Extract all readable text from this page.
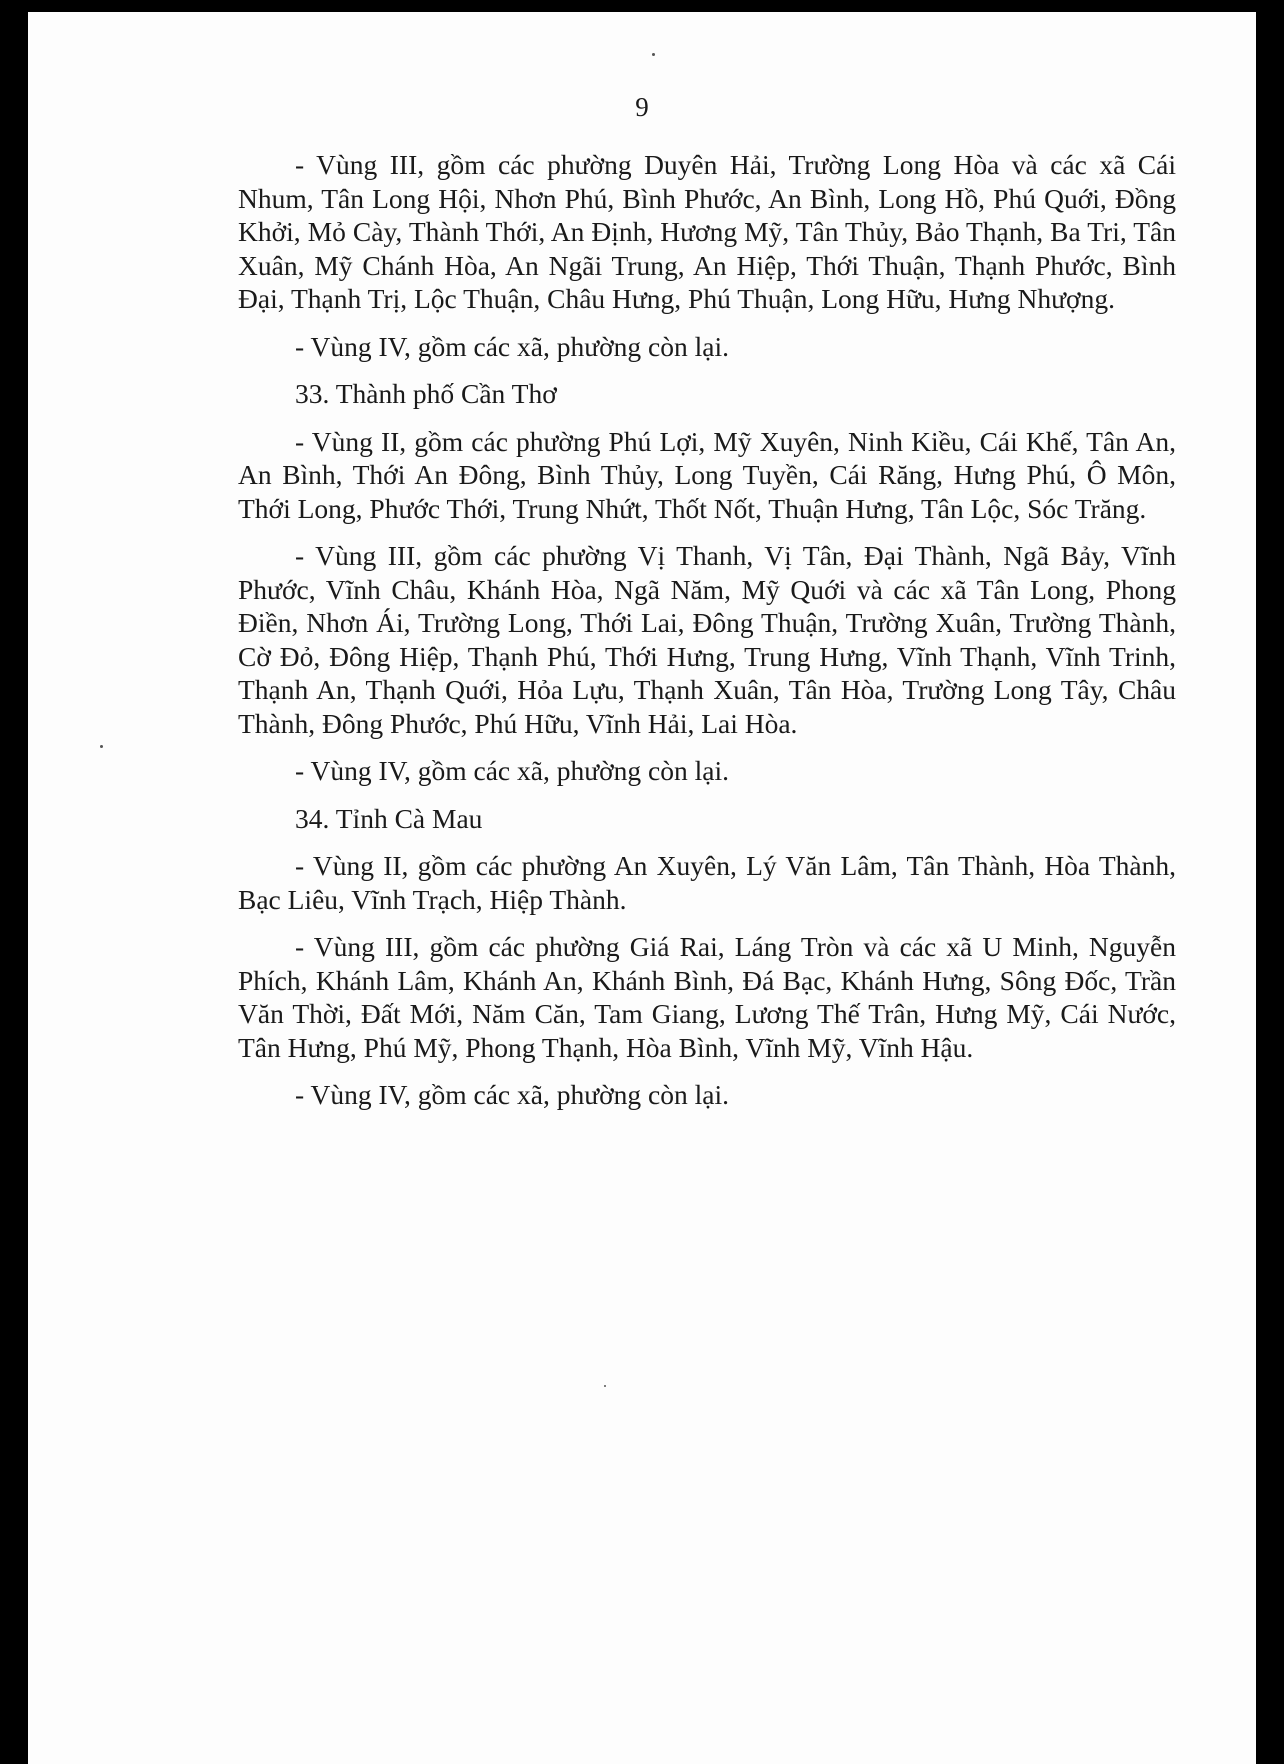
9

- Vùng III, gồm các phường Duyên Hải, Trường Long Hòa và các xã Cái Nhum, Tân Long Hội, Nhơn Phú, Bình Phước, An Bình, Long Hồ, Phú Quới, Đồng Khởi, Mỏ Cày, Thành Thới, An Định, Hương Mỹ, Tân Thủy, Bảo Thạnh, Ba Tri, Tân Xuân, Mỹ Chánh Hòa, An Ngãi Trung, An Hiệp, Thới Thuận, Thạnh Phước, Bình Đại, Thạnh Trị, Lộc Thuận, Châu Hưng, Phú Thuận, Long Hữu, Hưng Nhượng.

- Vùng IV, gồm các xã, phường còn lại.

33. Thành phố Cần Thơ

- Vùng II, gồm các phường Phú Lợi, Mỹ Xuyên, Ninh Kiều, Cái Khế, Tân An, An Bình, Thới An Đông, Bình Thủy, Long Tuyền, Cái Răng, Hưng Phú, Ô Môn, Thới Long, Phước Thới, Trung Nhứt, Thốt Nốt, Thuận Hưng, Tân Lộc, Sóc Trăng.

- Vùng III, gồm các phường Vị Thanh, Vị Tân, Đại Thành, Ngã Bảy, Vĩnh Phước, Vĩnh Châu, Khánh Hòa, Ngã Năm, Mỹ Quới và các xã Tân Long, Phong Điền, Nhơn Ái, Trường Long, Thới Lai, Đông Thuận, Trường Xuân, Trường Thành, Cờ Đỏ, Đông Hiệp, Thạnh Phú, Thới Hưng, Trung Hưng, Vĩnh Thạnh, Vĩnh Trinh, Thạnh An, Thạnh Quới, Hỏa Lựu, Thạnh Xuân, Tân Hòa, Trường Long Tây, Châu Thành, Đông Phước, Phú Hữu, Vĩnh Hải, Lai Hòa.

- Vùng IV, gồm các xã, phường còn lại.

34. Tỉnh Cà Mau

- Vùng II, gồm các phường An Xuyên, Lý Văn Lâm, Tân Thành, Hòa Thành, Bạc Liêu, Vĩnh Trạch, Hiệp Thành.

- Vùng III, gồm các phường Giá Rai, Láng Tròn và các xã U Minh, Nguyễn Phích, Khánh Lâm, Khánh An, Khánh Bình, Đá Bạc, Khánh Hưng, Sông Đốc, Trần Văn Thời, Đất Mới, Năm Căn, Tam Giang, Lương Thế Trân, Hưng Mỹ, Cái Nước, Tân Hưng, Phú Mỹ, Phong Thạnh, Hòa Bình, Vĩnh Mỹ, Vĩnh Hậu.

- Vùng IV, gồm các xã, phường còn lại.
